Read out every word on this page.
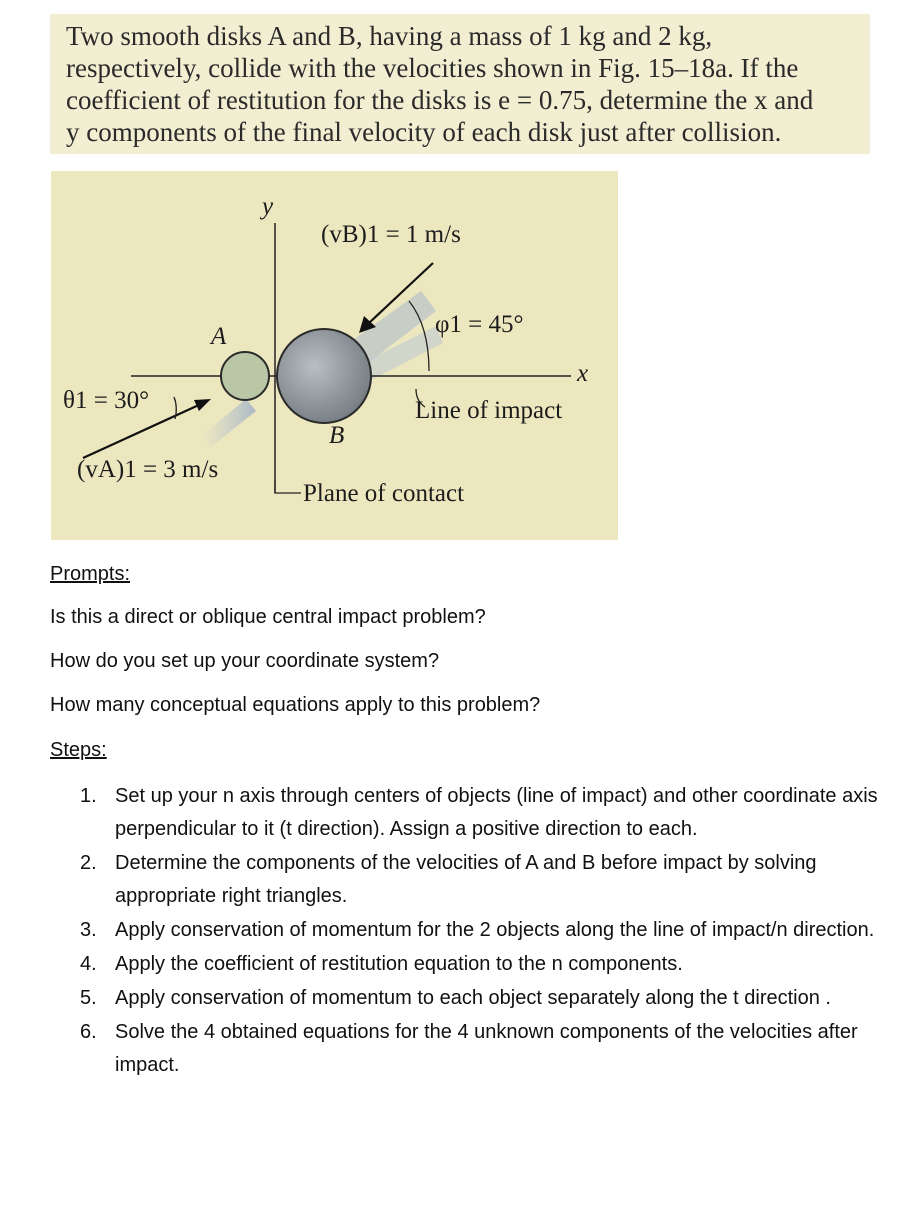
Two smooth disks A and B, having a mass of 1 kg and 2 kg,
respectively, collide with the velocities shown in Fig. 15–18a. If the
coefficient of restitution for the disks is e = 0.75, determine the x and
y components of the final velocity of each disk just after collision.
y
(vB)1 = 1 m/s
φ1 = 45°
A
x
θ1 = 30°	Line of impact
B
(vA)1 = 3 m/s
Plane of contact
Prompts:
Is this a direct or oblique central impact problem?
How do you set up your coordinate system?
How many conceptual equations apply to this problem?
Steps:
1. Set up your n axis through centers of objects (line of impact) and other coordinate axis perpendicular to it (t direction). Assign a positive direction to each.
2. Determine the components of the velocities of A and B before impact by solving appropriate right triangles.
3. Apply conservation of momentum for the 2 objects along the line of impact/n direction.
4. Apply the coefficient of restitution equation to the n components.
5. Apply conservation of momentum to each object separately along the t direction .
6. Solve the 4 obtained equations for the 4 unknown components of the velocities after impact.
